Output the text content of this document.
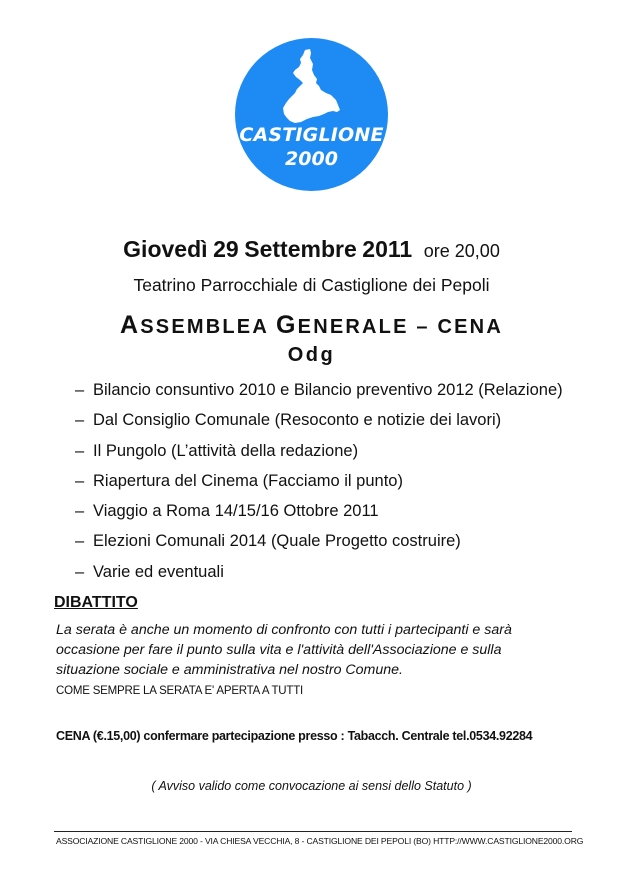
CASTIGLIONE
2000
Giovedì 29 Settembre 2011 ore 20,00
Teatrino Parrocchiale di Castiglione dei Pepoli
ASSEMBLEA GENERALE – CENA
Odg
– Bilancio consuntivo 2010 e Bilancio preventivo 2012 (Relazione)
– Dal Consiglio Comunale (Resoconto e notizie dei lavori)
– Il Pungolo (L’attività della redazione)
– Riapertura del Cinema (Facciamo il punto)
– Viaggio a Roma 14/15/16 Ottobre 2011
– Elezioni Comunali 2014 (Quale Progetto costruire)
– Varie ed eventuali
DIBATTITO
La serata è anche un momento di confronto con tutti i partecipanti e sarà
occasione per fare il punto sulla vita e l'attività dell'Associazione e sulla
situazione sociale e amministrativa nel nostro Comune.
COME SEMPRE LA SERATA E' APERTA A TUTTI
CENA (€.15,00) confermare partecipazione presso : Tabacch. Centrale tel.0534.92284
( Avviso valido come convocazione ai sensi dello Statuto )
ASSOCIAZIONE CASTIGLIONE 2000 - VIA CHIESA VECCHIA, 8 - CASTIGLIONE DEI PEPOLI (BO) HTTP://WWW.CASTIGLIONE2000.ORG
